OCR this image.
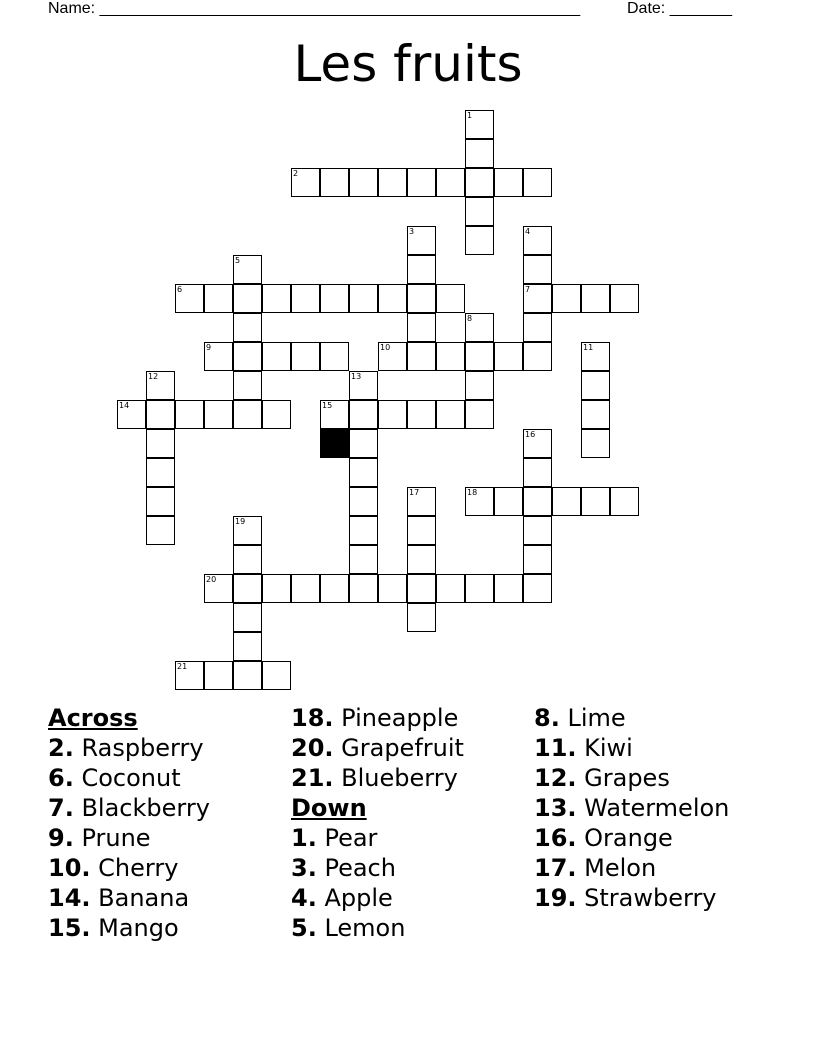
Name: ______________________________________________________	Date: _______
Les fruits
1
2
3	4
7
5
6
8
9	10	11
12	13
14	15
16
17	18
19
20
21
Across
2. Raspberry
6. Coconut
7. Blackberry
9. Prune
10. Cherry
14. Banana
15. Mango
18. Pineapple
20. Grapefruit
21. Blueberry
Down
1. Pear
3. Peach
4. Apple
5. Lemon
8. Lime
11. Kiwi
12. Grapes
13. Watermelon
16. Orange
17. Melon
19. Strawberry
